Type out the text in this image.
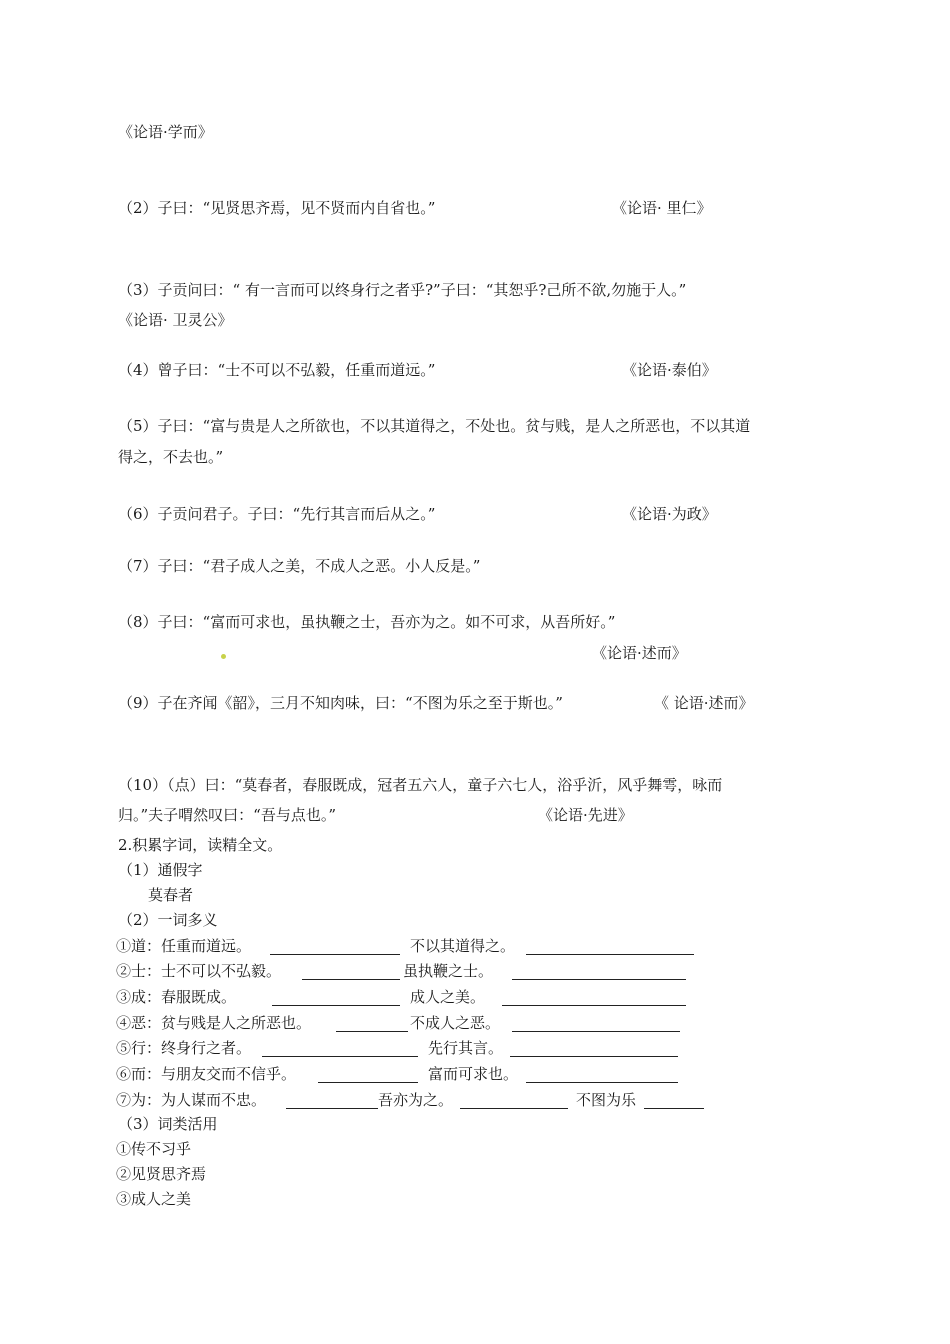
《论语·学而》
（2）子曰：“见贤思齐焉，见不贤而内自省也。”	《论语· 里仁》
（3）子贡问曰：“ 有一言而可以终身行之者乎?”子曰：“其恕乎?己所不欲,勿施于人。”
《论语· 卫灵公》
（4）曾子曰：“士不可以不弘毅，任重而道远。”	《论语·泰伯》
（5）子曰：“富与贵是人之所欲也，不以其道得之，不处也。贫与贱，是人之所恶也，不以其道
得之，不去也。”
（6）子贡问君子。子曰：“先行其言而后从之。”	《论语·为政》
（7）子曰：“君子成人之美，不成人之恶。小人反是。”
（8）子曰：“富而可求也，虽执鞭之士，吾亦为之。如不可求，从吾所好。”
《论语·述而》
（9）子在齐闻《韶》，三月不知肉味，曰：“不图为乐之至于斯也。”	《 论语·述而》
（10）（点）曰：“莫春者，春服既成，冠者五六人，童子六七人，浴乎沂，风乎舞雩，咏而
归。”夫子喟然叹曰：“吾与点也。”	《论语·先进》
2.积累字词，读精全文。
（1）通假字
莫春者
（2）一词多义
①道：任重而道远。	不以其道得之。
②士：士不可以不弘毅。	虽执鞭之士。
③成：春服既成。	成人之美。
④恶：贫与贱是人之所恶也。	不成人之恶。
⑤行：终身行之者。	先行其言。
⑥而：与朋友交而不信乎。	富而可求也。
⑦为：为人谋而不忠。	吾亦为之。	不图为乐
（3）词类活用
①传不习乎
②见贤思齐焉
③成人之美
